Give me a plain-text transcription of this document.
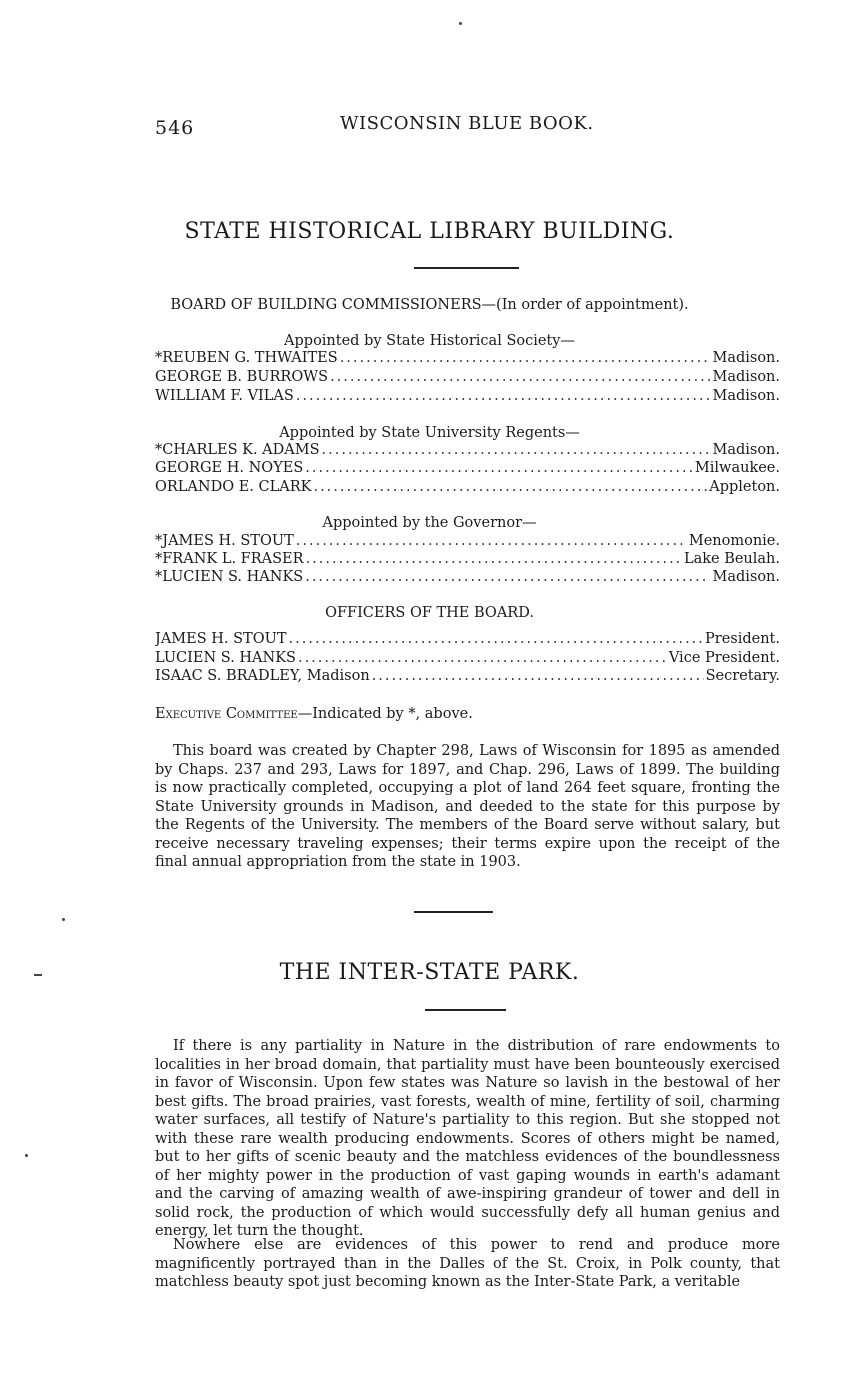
546	WISCONSIN BLUE BOOK.
STATE HISTORICAL LIBRARY BUILDING.
BOARD OF BUILDING COMMISSIONERS—(In order of appointment).
Appointed by State Historical Society—
*REUBEN G. THWAITES .....	Madison.
GEORGE B. BURROWS .....	Madison.
WILLIAM F. VILAS .....	Madison.
Appointed by State University Regents—
*CHARLES K. ADAMS .....	Madison.
GEORGE H. NOYES .....	Milwaukee.
ORLANDO E. CLARK .....	Appleton.
Appointed by the Governor—
*JAMES H. STOUT .....	Menomonie.
*FRANK L. FRASER .....	Lake Beulah.
*LUCIEN S. HANKS .....	Madison.
OFFICERS OF THE BOARD.
JAMES H. STOUT .....	President.
LUCIEN S. HANKS .....	Vice President.
ISAAC S. BRADLEY, Madison .....	Secretary.
Executive Committee—Indicated by *, above.

This board was created by Chapter 298, Laws of Wisconsin for 1895 as amended by Chaps. 237 and 293, Laws for 1897, and Chap. 296, Laws of 1899. The building is now practically completed, occupying a plot of land 264 feet square, fronting the State University grounds in Madison, and deeded to the state for this purpose by the Regents of the University. The members of the Board serve without salary, but receive necessary traveling expenses; their terms expire upon the receipt of the final annual appropriation from the state in 1903.

THE INTER-STATE PARK.

If there is any partiality in Nature in the distribution of rare endowments to localities in her broad domain, that partiality must have been bounteously exercised in favor of Wisconsin. Upon few states was Nature so lavish in the bestowal of her best gifts. The broad prairies, vast forests, wealth of mine, fertility of soil, charming water surfaces, all testify of Nature's partiality to this region. But she stopped not with these rare wealth producing endowments. Scores of others might be named, but to her gifts of scenic beauty and the matchless evidences of the boundlessness of her mighty power in the production of vast gaping wounds in earth's adamant and the carving of amazing wealth of awe-inspiring grandeur of tower and dell in solid rock, the production of which would successfully defy all human genius and energy, let turn the thought.

Nowhere else are evidences of this power to rend and produce more magnificently portrayed than in the Dalles of the St. Croix, in Polk county, that matchless beauty spot just becoming known as the Inter-State Park, a veritable
